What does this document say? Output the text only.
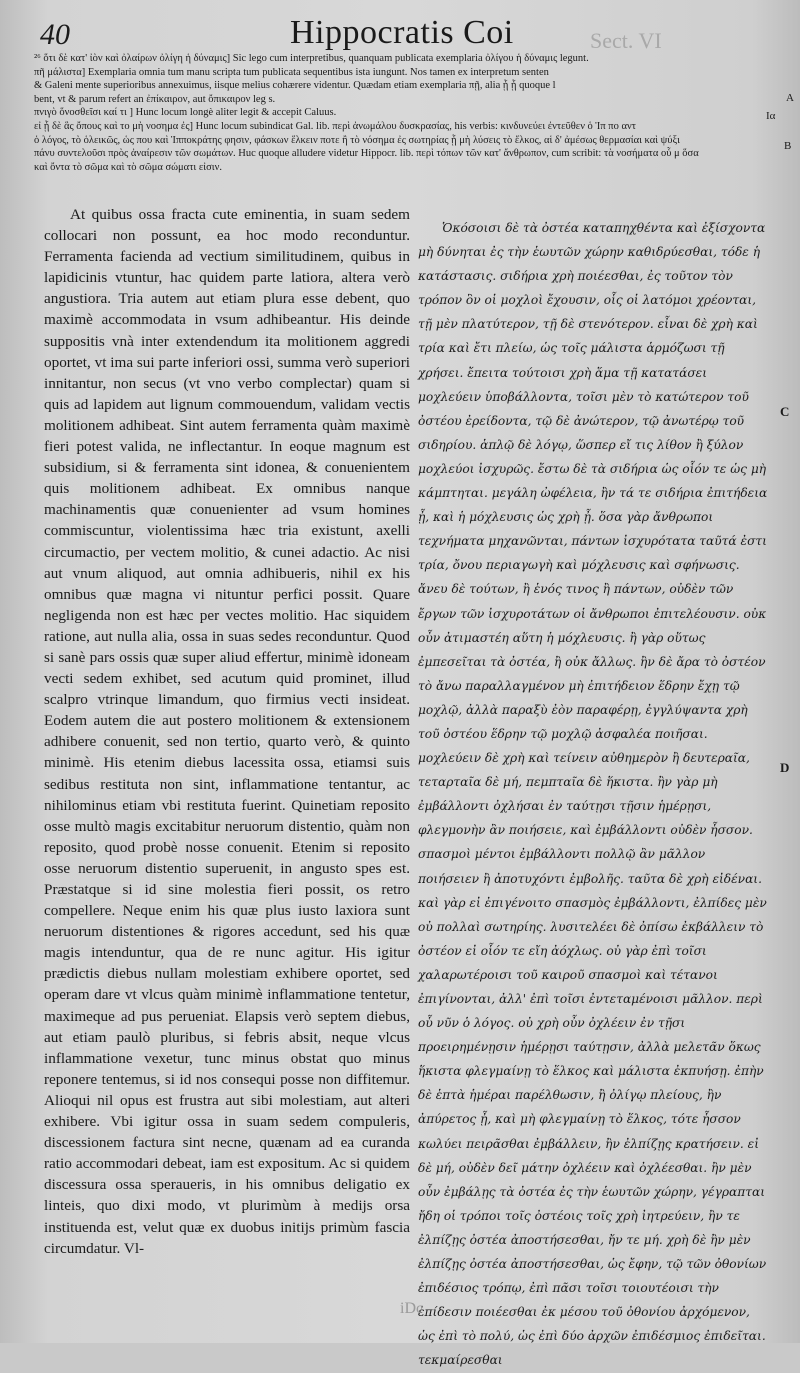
40	Hippocratis Coi	Sect. VI

²⁶ ὅτι δὲ κατ' ἰὸν καὶ ὀλαίρων ὀλίγη ἡ δύναμις] Sic lego cum interpretibus, quanquam publicata exemplaria ὀλίγου ἡ δύναμις legunt.

πῆ μάλιστα] Exemplaria omnia tum manu scripta tum publicata sequentibus ista iungunt. Nos tamen ex interpretum senten

& Galeni mente superioribus annexuimus, iisque melius cohærere videntur. Quædam etiam exemplaria πῇ, alia ᾗ ᾗ quoque l

bent, vt & parum refert an ἐπίκαιρον, aut ὄπικαιρον leg s.

πνιγὸ ὅνοσθεῖσι καί τι ] Hunc locum longè aliter legit & accepit Caluus.

εἰ ᾗ δὲ ἃς ὄπους καὶ το μὴ νοσημα ἐς] Hunc locum subindicat Gal. lib. περὶ ἀνωμάλου δυσκρασίας, his verbis: κινδυνεύει ἐντεῦθεν ὁ Ἱπ πο αντ

ὁ λόγος, τὸ ὁλεικῶς, ὡς που καὶ Ἱπποκράτης φησιν, φάσκων ἕλκειν ποτε ἢ τὸ νόσημα ἐς σωτηρίας ᾗ μὴ λύσεις τὸ ἕλκος, αἱ δ' ἀμέσως θερμασίαι καὶ ψύξι

πάνυ συντελοῦσι πρὸς ἀναίρεσιν τῶν σωμάτων. Huc quoque alludere videtur Hippocr. lib. περὶ τόπων τῶν κατ' ἄνθρωπον, cum scribit: τὰ νοσήματα οὗ μ ὅσα

καὶ ὄντα τὸ σῶμα καὶ τὸ σῶμα σώματι εἰσιν.

A
Ια
Β

At quibus ossa fracta cute eminentia, in suam sedem collocari non possunt, ea hoc modo reconduntur. Ferramenta facienda ad vectium similitudinem, quibus in lapidicinis vtuntur, hac quidem parte latiora, altera verò angustiora. Tria autem aut etiam plura esse debent, quo maximè accommodata in vsum adhibeantur. His deinde suppositis vnà inter extendendum ita molitionem aggredi oportet, vt ima sui parte inferiori ossi, summa verò superiori innitantur, non secus (vt vno verbo complectar) quam si quis ad lapidem aut lignum commouendum, validam vectis molitionem adhibeat. Sint autem ferramenta quàm maximè fieri potest valida, ne inflectantur. In eoque magnum est subsidium, si & ferramenta sint idonea, & conuenientem quis molitionem adhibeat. Ex omnibus nanque machinamentis quæ conuenienter ad vsum homines commiscuntur, violentissima hæc tria existunt, axelli circumactio, per vectem molitio, & cunei adactio. Ac nisi aut vnum aliquod, aut omnia adhibueris, nihil ex his omnibus quæ magna vi nituntur perfici possit. Quare negligenda non est hæc per vectes molitio. Hac siquidem ratione, aut nulla alia, ossa in suas sedes reconduntur. Quod si sanè pars ossis quæ super aliud effertur, minimè idoneam vecti sedem exhibet, sed acutum quid prominet, illud scalpro vtrinque limandum, quo firmius vecti insideat. Eodem autem die aut postero molitionem & extensionem adhibere conuenit, sed non tertio, quarto verò, & quinto minimè. His etenim diebus lacessita ossa, etiamsi suis sedibus restituta non sint, inflammatione tentantur, ac nihilominus etiam vbi restituta fuerint. Quinetiam reposito osse multò magis excitabitur neruorum distentio, quàm non reposito, quod probè nosse conuenit. Etenim si reposito osse neruorum distentio superuenit, in angusto spes est. Præstatque si id sine molestia fieri possit, os retro compellere. Neque enim his quæ plus iusto laxiora sunt neruorum distentiones & rigores accedunt, sed his quæ magis intenduntur, qua de re nunc agitur. His igitur prædictis diebus nullam molestiam exhibere oportet, sed operam dare vt vlcus quàm minimè inflammatione tentetur, maximeque ad pus perueniat. Elapsis verò septem diebus, aut etiam paulò pluribus, si febris absit, neque vlcus inflammatione vexetur, tunc minus obstat quo minus reponere tentemus, si id nos consequi posse non diffitemur. Alioqui nil opus est frustra aut sibi molestiam, aut alteri exhibere. Vbi igitur ossa in suam sedem compuleris, discessionem factura sint necne, quænam ad ea curanda ratio accommodari debeat, iam est expositum. Ac si quidem discessura ossa speraueris, in his omnibus deligatio ex linteis, quo dixi modo, vt plurimùm à medijs orsa instituenda est, velut quæ ex duobus initijs primùm fascia circumdatur. Vl-

Ὁκόσοισι δὲ τὰ ὀστέα καταπηχθέντα καὶ ἐξίσχοντα μὴ δύνηται ἐς τὴν ἑωυτῶν χώρην καθιδρύεσθαι, τόδε ἡ κατάστασις. σιδήρια χρὴ ποιέεσθαι, ἐς τοῦτον τὸν τρόπον ὃν οἱ μοχλοὶ ἔχουσιν, οἷς οἱ λατόμοι χρέονται, τῇ μὲν πλατύτερον, τῇ δὲ στενότερον. εἶναι δὲ χρὴ καὶ τρία καὶ ἔτι πλείω, ὡς τοῖς μάλιστα ἁρμόζωσι τῇ χρήσει. ἔπειτα τούτοισι χρὴ ἅμα τῇ κατατάσει μοχλεύειν ὑποβάλλοντα, τοῖσι μὲν τὸ κατώτερον τοῦ ὀστέου ἐρείδοντα, τῷ δὲ ἀνώτερον, τῷ ἀνωτέρῳ τοῦ σιδηρίου. ἁπλῷ δὲ λόγῳ, ὥσπερ εἴ τις λίθον ἢ ξύλον μοχλεύοι ἰσχυρῶς. ἔστω δὲ τὰ σιδήρια ὡς οἷόν τε ὡς μὴ κάμπτηται. μεγάλη ὠφέλεια, ἢν τά τε σιδήρια ἐπιτήδεια ᾖ, καὶ ἡ μόχλευσις ὡς χρὴ ᾖ. ὅσα γὰρ ἄνθρωποι τεχνήματα μηχανῶνται, πάντων ἰσχυρότατα ταῦτά ἐστι τρία, ὄνου περιαγωγὴ καὶ μόχλευσις καὶ σφήνωσις. ἄνευ δὲ τούτων, ἢ ἑνός τινος ἢ πάντων, οὐδὲν τῶν ἔργων τῶν ἰσχυροτάτων οἱ ἄνθρωποι ἐπιτελέουσιν. οὐκ οὖν ἀτιμαστέη αὕτη ἡ μόχλευσις. ἢ γὰρ οὕτως ἐμπεσεῖται τὰ ὀστέα, ἢ οὐκ ἄλλως. ἢν δὲ ἄρα τὸ ὀστέον τὸ ἄνω παραλλαγμένον μὴ ἐπιτήδειον ἕδρην ἔχῃ τῷ μοχλῷ, ἀλλὰ παραξὺ ἐὸν παραφέρῃ, ἐγγλύψαντα χρὴ τοῦ ὀστέου ἕδρην τῷ μοχλῷ ἀσφαλέα ποιῆσαι. μοχλεύειν δὲ χρὴ καὶ τείνειν αὐθημερὸν ἢ δευτεραῖα, τεταρταῖα δὲ μή, πεμπταῖα δὲ ἥκιστα. ἢν γὰρ μὴ ἐμβάλλοντι ὀχλήσαι ἐν ταύτῃσι τῇσιν ἡμέρῃσι, φλεγμονὴν ἂν ποιήσειε, καὶ ἐμβάλλοντι οὐδὲν ἧσσον. σπασμοὶ μέντοι ἐμβάλλοντι πολλῷ ἂν μᾶλλον ποιήσειεν ἢ ἀποτυχόντι ἐμβολῆς. ταῦτα δὲ χρὴ εἰδέναι. καὶ γὰρ εἰ ἐπιγένοιτο σπασμὸς ἐμβάλλοντι, ἐλπίδες μὲν οὐ πολλαὶ σωτηρίης. λυσιτελέει δὲ ὀπίσω ἐκβάλλειν τὸ ὀστέον εἰ οἷόν τε εἴη ἀόχλως. οὐ γὰρ ἐπὶ τοῖσι χαλαρωτέροισι τοῦ καιροῦ σπασμοὶ καὶ τέτανοι ἐπιγίνονται, ἀλλ' ἐπὶ τοῖσι ἐντεταμένοισι μᾶλλον. περὶ οὗ νῦν ὁ λόγος. οὐ χρὴ οὖν ὀχλέειν ἐν τῇσι προειρημένῃσιν ἡμέρῃσι ταύτῃσιν, ἀλλὰ μελετᾶν ὅκως ἥκιστα φλεγμαίνῃ τὸ ἕλκος καὶ μάλιστα ἐκπυήσῃ. ἐπὴν δὲ ἑπτὰ ἡμέραι παρέλθωσιν, ἢ ὀλίγῳ πλείους, ἢν ἀπύρετος ᾖ, καὶ μὴ φλεγμαίνῃ τὸ ἕλκος, τότε ἧσσον κωλύει πειρᾶσθαι ἐμβάλλειν, ἢν ἐλπίζῃς κρατήσειν. εἰ δὲ μή, οὐδὲν δεῖ μάτην ὀχλέειν καὶ ὀχλέεσθαι. ἢν μὲν οὖν ἐμβάλῃς τὰ ὀστέα ἐς τὴν ἑωυτῶν χώρην, γέγραπται ἤδη οἱ τρόποι τοῖς ὀστέοις τοῖς χρὴ ἰητρεύειν, ἢν τε ἐλπίζῃς ὀστέα ἀποστήσεσθαι, ἤν τε μή. χρὴ δὲ ἢν μὲν ἐλπίζῃς ὀστέα ἀποστήσεσθαι, ὡς ἔφην, τῷ τῶν ὀθονίων ἐπιδέσιος τρόπῳ, ἐπὶ πᾶσι τοῖσι τοιουτέοισι τὴν ἐπίδεσιν ποιέεσθαι ἐκ μέσου τοῦ ὀθονίου ἀρχόμενον, ὡς ἐπὶ τὸ πολύ, ὡς ἐπὶ δύο ἀρχῶν ἐπιδέσμιος ἐπιδεῖται. τεκμαίρεσθαι

C
D
iDc
